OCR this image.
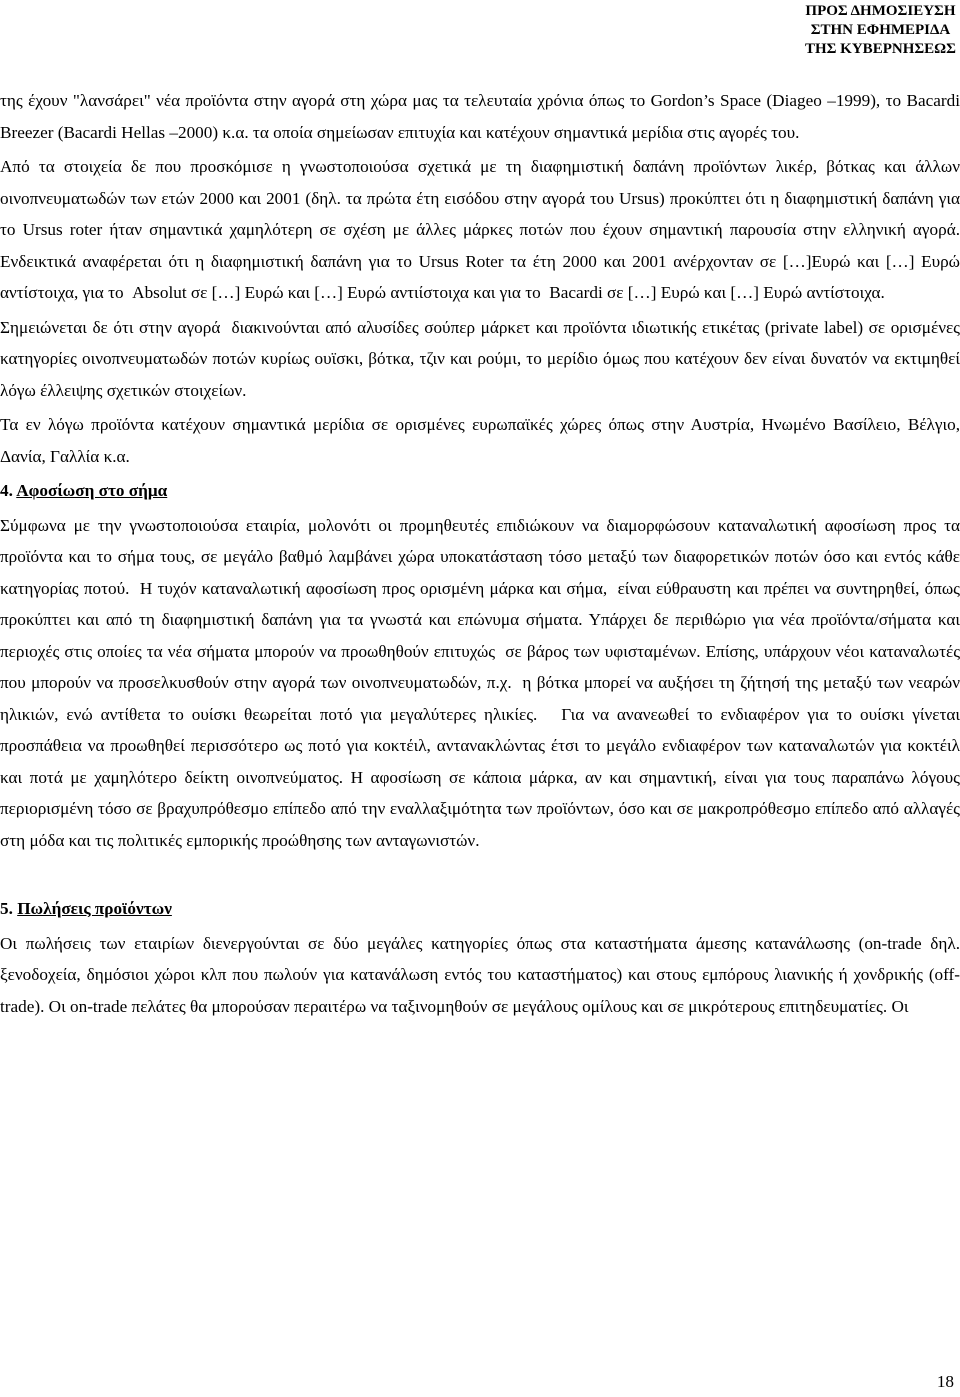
ΠΡΟΣ ΔΗΜΟΣΙΕΥΣΗ
ΣΤΗΝ ΕΦΗΜΕΡΙΔΑ
ΤΗΣ ΚΥΒΕΡΝΗΣΕΩΣ

της έχουν "λανσάρει" νέα προϊόντα στην αγορά στη χώρα μας τα τελευταία χρόνια όπως το Gordon’s Space (Diageo –1999), το Bacardi Breezer (Bacardi Hellas –2000) κ.α. τα οποία σημείωσαν επιτυχία και κατέχουν σημαντικά μερίδια στις αγορές του.

Από τα στοιχεία δε που προσκόμισε η γνωστοποιούσα σχετικά με τη διαφημιστική δαπάνη προϊόντων λικέρ, βότκας και άλλων οινοπνευματωδών των ετών 2000 και 2001 (δηλ. τα πρώτα έτη εισόδου στην αγορά του Ursus) προκύπτει ότι η διαφημιστική δαπάνη για το Ursus roter ήταν σημαντικά χαμηλότερη σε σχέση με άλλες μάρκες ποτών που έχουν σημαντική παρουσία στην ελληνική αγορά. Ενδεικτικά αναφέρεται ότι η διαφημιστική δαπάνη για το Ursus Roter τα έτη 2000 και 2001 ανέρχονταν σε […]Ευρώ και […] Ευρώ αντίστοιχα, για το  Absolut σε […] Ευρώ και […] Ευρώ αντιίστοιχα και για το  Bacardi σε […] Ευρώ και […] Ευρώ αντίστοιχα.

Σημειώνεται δε ότι στην αγορά  διακινούνται από αλυσίδες σούπερ μάρκετ και προϊόντα ιδιωτικής ετικέτας (private label) σε ορισμένες κατηγορίες οινοπνευματωδών ποτών κυρίως ουϊσκι, βότκα, τζιν και ρούμι, το μερίδιο όμως που κατέχουν δεν είναι δυνατόν να εκτιμηθεί λόγω έλλειψης σχετικών στοιχείων.

Τα εν λόγω προϊόντα κατέχουν σημαντικά μερίδια σε ορισμένες ευρωπαϊκές χώρες όπως στην Αυστρία, Ηνωμένο Βασίλειο, Βέλγιο, Δανία, Γαλλία κ.α.

4. Αφοσίωση στο σήμα

Σύμφωνα με την γνωστοποιούσα εταιρία, μολονότι οι προμηθευτές επιδιώκουν να διαμορφώσουν καταναλωτική αφοσίωση προς τα προϊόντα και το σήμα τους, σε μεγάλο βαθμό λαμβάνει χώρα υποκατάσταση τόσο μεταξύ των διαφορετικών ποτών όσο και εντός κάθε κατηγορίας ποτού.  Η τυχόν καταναλωτική αφοσίωση προς ορισμένη μάρκα και σήμα,  είναι εύθραυστη και πρέπει να συντηρηθεί, όπως προκύπτει και από τη διαφημιστική δαπάνη για τα γνωστά και επώνυμα σήματα. Υπάρχει δε περιθώριο για νέα προϊόντα/σήματα και περιοχές στις οποίες τα νέα σήματα μπορούν να προωθηθούν επιτυχώς  σε βάρος των υφισταμένων. Επίσης, υπάρχουν νέοι καταναλωτές που μπορούν να προσελκυσθούν στην αγορά των οινοπνευματωδών, π.χ.  η βότκα μπορεί να αυξήσει τη ζήτησή της μεταξύ των νεαρών ηλικιών, ενώ αντίθετα το ουίσκι θεωρείται ποτό για μεγαλύτερες ηλικίες.   Για να ανανεωθεί το ενδιαφέρον για το ουίσκι γίνεται προσπάθεια να προωθηθεί περισσότερο ως ποτό για κοκτέιλ, αντανακλώντας έτσι το μεγάλο ενδιαφέρον των καταναλωτών για κοκτέιλ και ποτά με χαμηλότερο δείκτη οινοπνεύματος. Η αφοσίωση σε κάποια μάρκα, αν και σημαντική, είναι για τους παραπάνω λόγους περιορισμένη τόσο σε βραχυπρόθεσμο επίπεδο από την εναλλαξιμότητα των προϊόντων, όσο και σε μακροπρόθεσμο επίπεδο από αλλαγές στη μόδα και τις πολιτικές εμπορικής προώθησης των ανταγωνιστών.

5. Πωλήσεις προϊόντων

Οι πωλήσεις των εταιρίων διενεργούνται σε δύο μεγάλες κατηγορίες όπως στα καταστήματα άμεσης κατανάλωσης (on-trade δηλ. ξενοδοχεία, δημόσιοι χώροι κλπ που πωλούν για κατανάλωση εντός του καταστήματος) και στους εμπόρους λιανικής ή χονδρικής (off-trade). Οι on-trade πελάτες θα μπορούσαν περαιτέρω να ταξινομηθούν σε μεγάλους ομίλους και σε μικρότερους επιτηδευματίες. Οι

18
